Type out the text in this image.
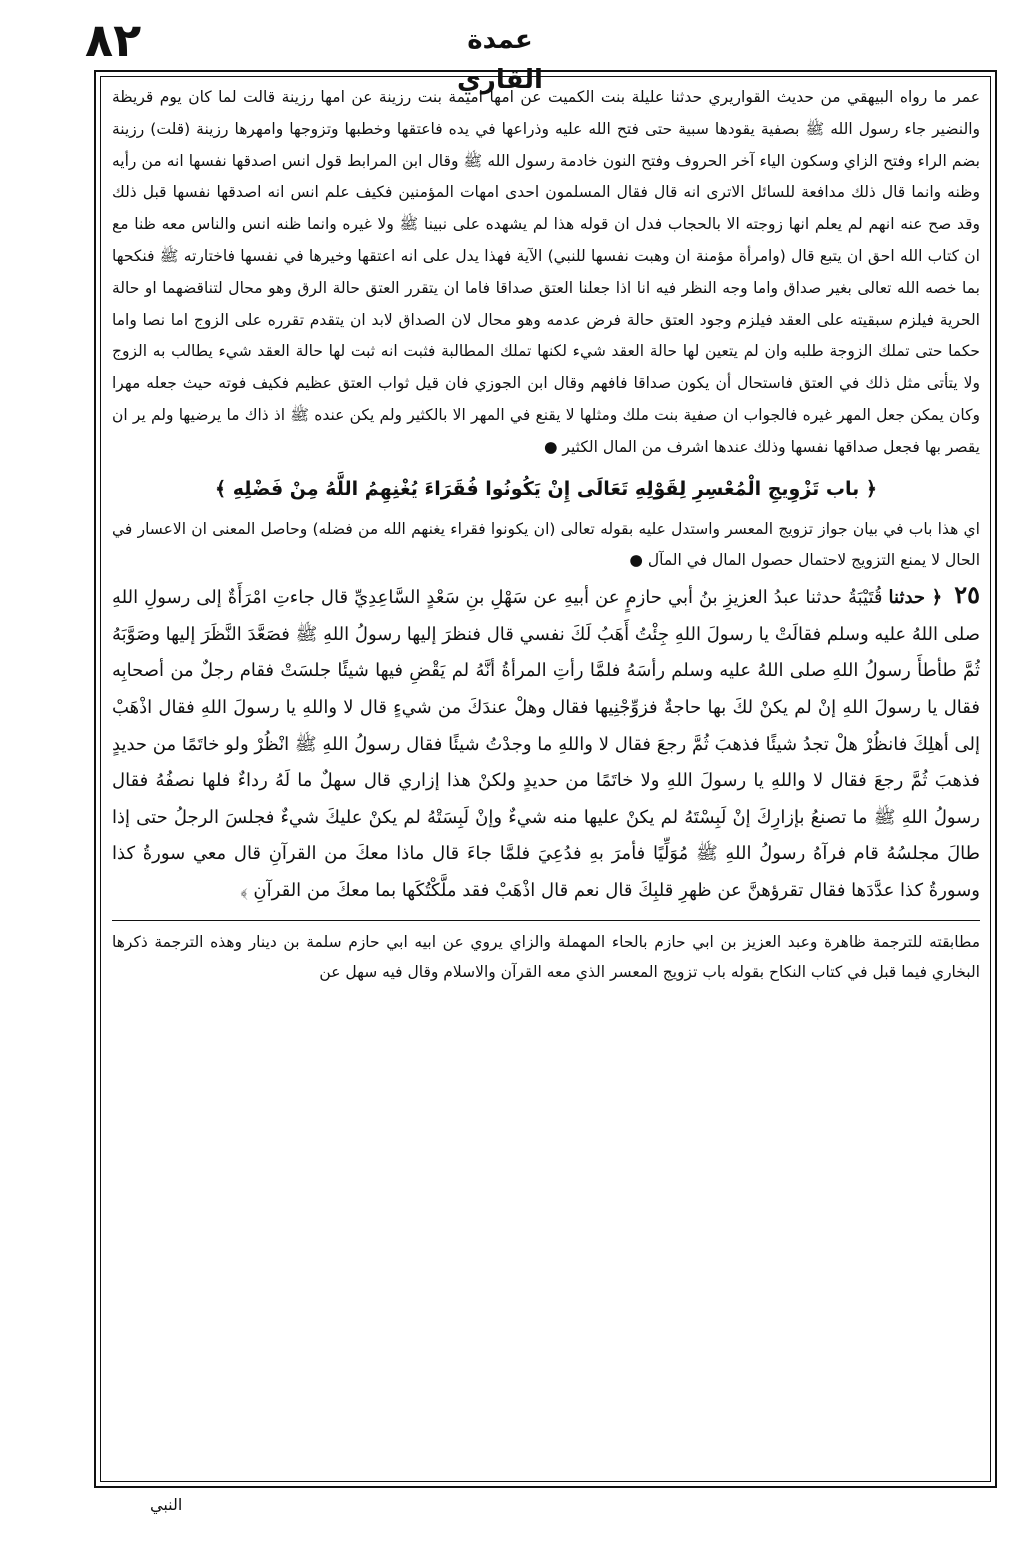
٨٢	عمدة القاري

عمر ما رواه البيهقي من حديث القواريري حدثنا عليلة بنت الكميت عن امها اميمة بنت رزينة عن امها رزينة قالت لما كان يوم قريظة والنضير جاء رسول الله ﷺ بصفية يقودها سبية حتى فتح الله عليه وذراعها في يده فاعتقها وخطبها وتزوجها وامهرها رزينة (قلت) رزينة بضم الراء وفتح الزاي وسكون الياء آخر الحروف وفتح النون خادمة رسول الله ﷺ وقال ابن المرابط قول انس اصدقها نفسها انه من رأيه وظنه وانما قال ذلك مدافعة للسائل الاترى انه قال فقال المسلمون احدى امهات المؤمنين فكيف علم انس انه اصدقها نفسها قبل ذلك وقد صح عنه انهم لم يعلم انها زوجته الا بالحجاب فدل ان قوله هذا لم يشهده على نبينا ﷺ ولا غيره وانما ظنه انس والناس معه ظنا مع ان كتاب الله احق ان يتبع قال (وامرأة مؤمنة ان وهبت نفسها للنبي) الآية فهذا يدل على انه اعتقها وخيرها في نفسها فاختارته ﷺ فنكحها بما خصه الله تعالى بغير صداق واما وجه النظر فيه انا اذا جعلنا العتق صداقا فاما ان يتقرر العتق حالة الرق وهو محال لتناقضهما او حالة الحرية فيلزم سبقيته على العقد فيلزم وجود العتق حالة فرض عدمه وهو محال لان الصداق لابد ان يتقدم تقرره على الزوج اما نصا واما حكما حتى تملك الزوجة طلبه وان لم يتعين لها حالة العقد شيء لكنها تملك المطالبة فثبت انه ثبت لها حالة العقد شيء يطالب به الزوج ولا يتأتى مثل ذلك في العتق فاستحال أن يكون صداقا فافهم وقال ابن الجوزي فان قيل ثواب العتق عظيم فكيف فوته حيث جعله مهرا وكان يمكن جعل المهر غيره فالجواب ان صفية بنت ملك ومثلها لا يقنع في المهر الا بالكثير ولم يكن عنده ﷺ اذ ذاك ما يرضيها ولم ير ان يقصر بها فجعل صداقها نفسها وذلك عندها اشرف من المال الكثير ●

﴿ باب تَزْوِيجِ الْمُعْسِرِ لِقَوْلِهِ تَعَالَى إِنْ يَكُونُوا فُقَرَاءَ يُغْنِهِمُ اللَّهُ مِنْ فَضْلِهِ ﴾

اي هذا باب في بيان جواز تزويج المعسر واستدل عليه بقوله تعالى (ان يكونوا فقراء يغنهم الله من فضله) وحاصل المعنى ان الاعسار في الحال لا يمنع التزويج لاحتمال حصول المال في المآل ●

٢٥ ﴿ حدثنا قُتَيْبَةُ حدثنا عبدُ العزيزِ بنُ أبي حازمٍ عن أبيهِ عن سَهْلِ بنِ سَعْدٍ السَّاعِدِيِّ قال جاءتِ امْرَأَةٌ إلى رسولِ اللهِ صلى اللهُ عليه وسلم فقالَتْ يا رسولَ اللهِ جِئْتُ أَهَبُ لَكَ نفسي قال فنظرَ إليها رسولُ اللهِ ﷺ فصَعَّدَ النَّظَرَ إليها وصَوَّبَهُ ثُمَّ طأطأَ رسولُ اللهِ صلى اللهُ عليه وسلم رأسَهُ فلمَّا رأتِ المرأةُ أنَّهُ لم يَقْضِ فيها شيئًا جلسَتْ فقام رجلٌ من أصحابِه فقال يا رسولَ اللهِ إنْ لم يكنْ لكَ بها حاجةٌ فزوِّجْنِيها فقال وهلْ عندَكَ من شيءٍ قال لا واللهِ يا رسولَ اللهِ فقال اذْهَبْ إلى أهلِكَ فانظُرْ هلْ تجدُ شيئًا فذهبَ ثُمَّ رجعَ فقال لا واللهِ ما وجدْتُ شيئًا فقال رسولُ اللهِ ﷺ انْظُرْ ولو خاتَمًا من حديدٍ فذهبَ ثُمَّ رجعَ فقال لا واللهِ يا رسولَ اللهِ ولا خاتَمًا من حديدٍ ولكنْ هذا إزاري قال سهلٌ ما لَهُ رداءٌ فلها نصفُهُ فقال رسولُ اللهِ ﷺ ما تصنعُ بإزارِكَ إنْ لَبِسْتَهُ لم يكنْ عليها منه شيءٌ وإنْ لَبِسَتْهُ لم يكنْ عليكَ شيءٌ فجلسَ الرجلُ حتى إذا طالَ مجلسُهُ قام فرآهُ رسولُ اللهِ ﷺ مُوَلِّيًا فأمرَ بهِ فدُعِيَ فلمَّا جاءَ قال ماذا معكَ من القرآنِ قال معي سورةُ كذا وسورةُ كذا عدَّدَها فقال تقرؤهنَّ عن ظهرِ قلبِكَ قال نعم قال اذْهَبْ فقد ملَّكْتُكَها بما معكَ من القرآنِ ﴾

مطابقته للترجمة ظاهرة وعبد العزيز بن ابي حازم بالحاء المهملة والزاي يروي عن ابيه ابي حازم سلمة بن دينار وهذه الترجمة ذكرها البخاري فيما قبل في كتاب النكاح بقوله باب تزويج المعسر الذي معه القرآن والاسلام وقال فيه سهل عن

النبي
